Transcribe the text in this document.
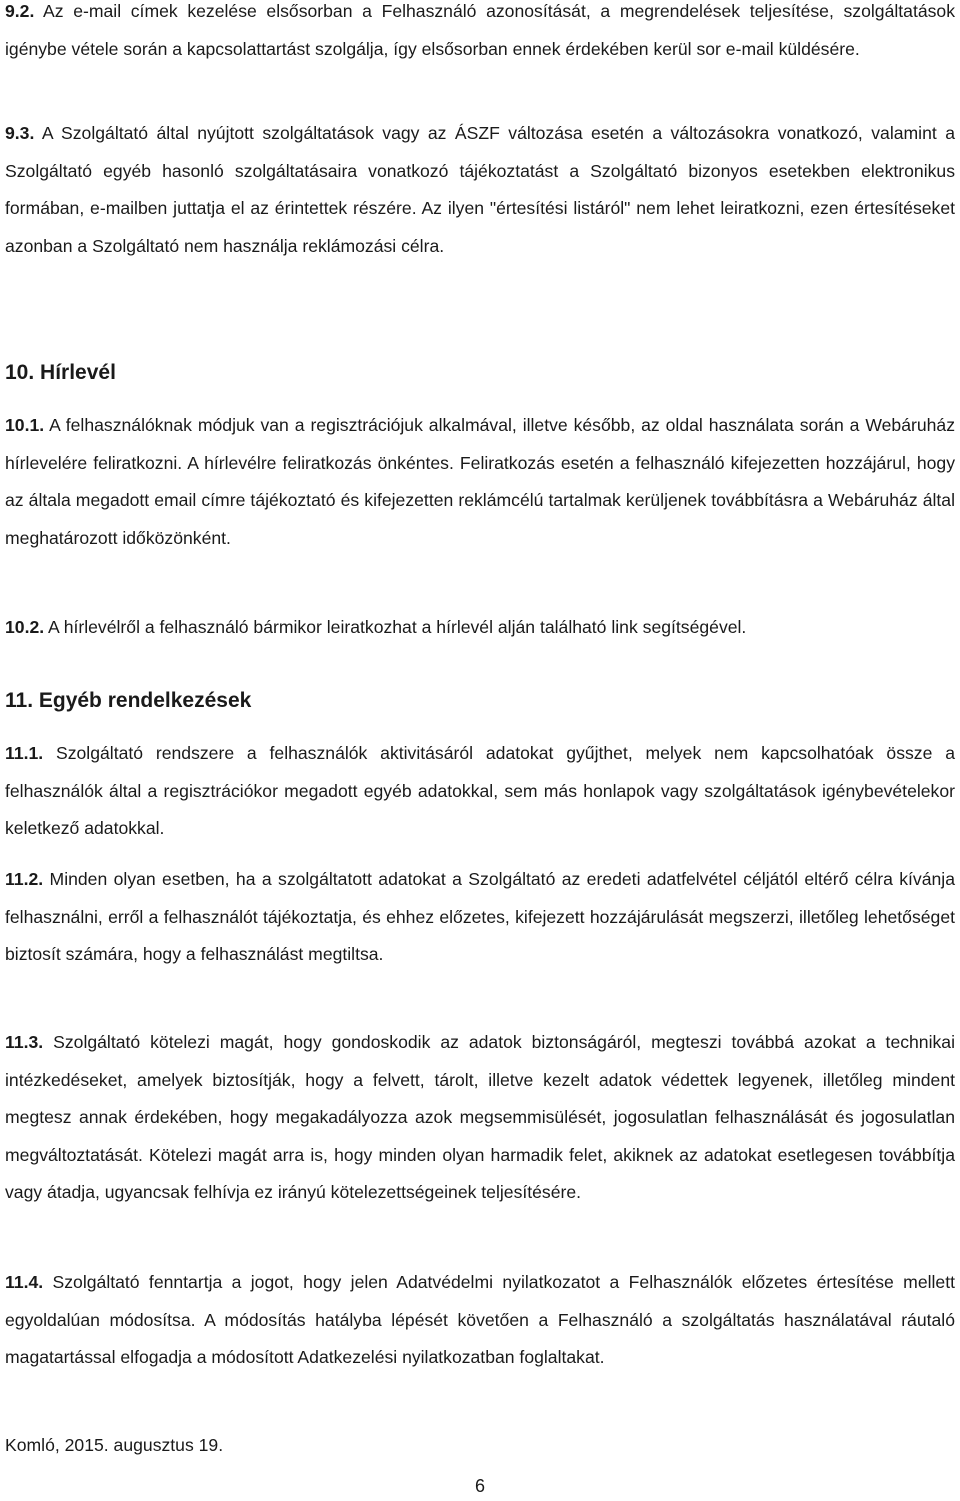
9.2. Az e-mail címek kezelése elsősorban a Felhasználó azonosítását, a megrendelések teljesítése, szolgáltatások igénybe vétele során a kapcsolattartást szolgálja, így elsősorban ennek érdekében kerül sor e-mail küldésére.

9.3. A Szolgáltató által nyújtott szolgáltatások vagy az ÁSZF változása esetén a változásokra vonatkozó, valamint a Szolgáltató egyéb hasonló szolgáltatásaira vonatkozó tájékoztatást a Szolgáltató bizonyos esetekben elektronikus formában, e-mailben juttatja el az érintettek részére. Az ilyen "értesítési listáról" nem lehet leiratkozni, ezen értesítéseket azonban a Szolgáltató nem használja reklámozási célra.

10. Hírlevél

10.1. A felhasználóknak módjuk van a regisztrációjuk alkalmával, illetve később, az oldal használata során a Webáruház hírlevelére feliratkozni. A hírlevélre feliratkozás önkéntes. Feliratkozás esetén a felhasználó kifejezetten hozzájárul, hogy az általa megadott email címre tájékoztató és kifejezetten reklámcélú tartalmak kerüljenek továbbításra a Webáruház által meghatározott időközönként.

10.2. A hírlevélről a felhasználó bármikor leiratkozhat a hírlevél alján található link segítségével.

11. Egyéb rendelkezések

11.1. Szolgáltató rendszere a felhasználók aktivitásáról adatokat gyűjthet, melyek nem kapcsolhatóak össze a felhasználók által a regisztrációkor megadott egyéb adatokkal, sem más honlapok vagy szolgáltatások igénybevételekor keletkező adatokkal.

11.2. Minden olyan esetben, ha a szolgáltatott adatokat a Szolgáltató az eredeti adatfelvétel céljától eltérő célra kívánja felhasználni, erről a felhasználót tájékoztatja, és ehhez előzetes, kifejezett hozzájárulását megszerzi, illetőleg lehetőséget biztosít számára, hogy a felhasználást megtiltsa.

11.3. Szolgáltató kötelezi magát, hogy gondoskodik az adatok biztonságáról, megteszi továbbá azokat a technikai intézkedéseket, amelyek biztosítják, hogy a felvett, tárolt, illetve kezelt adatok védettek legyenek, illetőleg mindent megtesz annak érdekében, hogy megakadályozza azok megsemmisülését, jogosulatlan felhasználását és jogosulatlan megváltoztatását. Kötelezi magát arra is, hogy minden olyan harmadik felet, akiknek az adatokat esetlegesen továbbítja vagy átadja, ugyancsak felhívja ez irányú kötelezettségeinek teljesítésére.

11.4. Szolgáltató fenntartja a jogot, hogy jelen Adatvédelmi nyilatkozatot a Felhasználók előzetes értesítése mellett egyoldalúan módosítsa. A módosítás hatályba lépését követően a Felhasználó a szolgáltatás használatával ráutaló magatartással elfogadja a módosított Adatkezelési nyilatkozatban foglaltakat.

Komló, 2015. augusztus 19.

6
